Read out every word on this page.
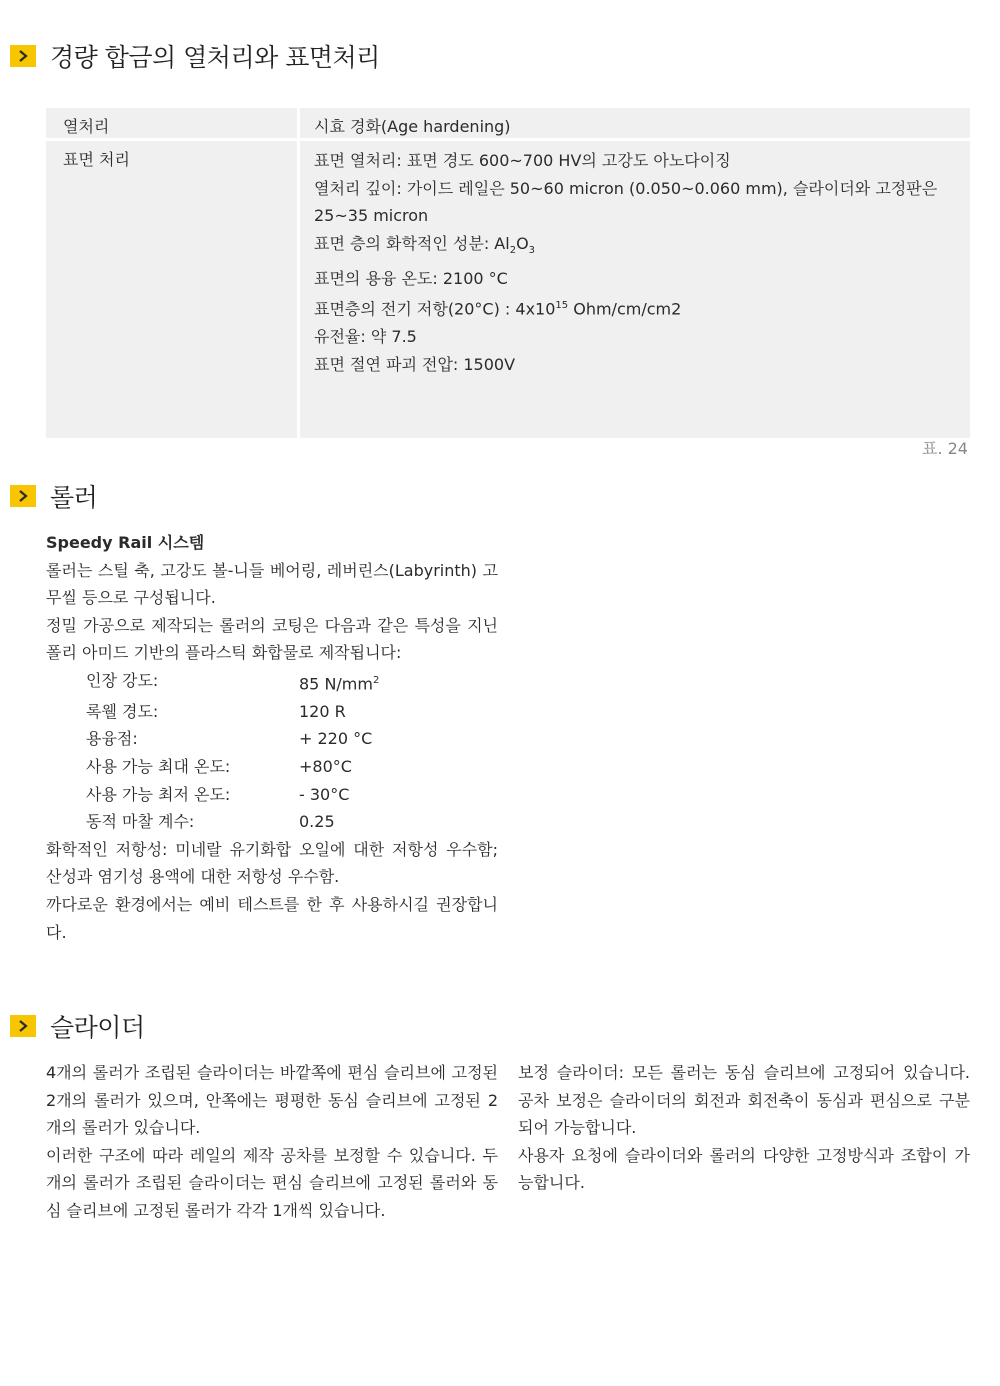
경량 합금의 열처리와 표면처리
열처리	시효 경화(Age hardening)
표면 처리	표면 열처리: 표면 경도 600~700 HV의 고강도 아노다이징
열처리 깊이: 가이드 레일은 50~60 micron (0.050~0.060 mm), 슬라이더와 고정판은 25~35 micron
표면 층의 화학적인 성분: $Al_2O_3$
표면의 용융 온도: 2100 °C
표면층의 전기 저항(20°C) : $4x10^{15}$ Ohm/cm/cm2
유전율: 약 7.5
표면 절연 파괴 전압: 1500V
표. 24
롤러
Speedy Rail 시스템
롤러는 스틸 축, 고강도 볼-니들 베어링, 레버린스(Labyrinth) 고무씰 등으로 구성됩니다.
정밀 가공으로 제작되는 롤러의 코팅은 다음과 같은 특성을 지닌 폴리 아미드 기반의 플라스틱 화합물로 제작됩니다:
인장 강도:	85 $N/mm^2$
록웰 경도:	120 R
용융점:	+ 220 °C
사용 가능 최대 온도:	+80°C
사용 가능 최저 온도:	- 30°C
동적 마찰 계수:	0.25
화학적인 저항성: 미네랄 유기화합 오일에 대한 저항성 우수함; 산성과 염기성 용액에 대한 저항성 우수함.
까다로운 환경에서는 예비 테스트를 한 후 사용하시길 권장합니다.
슬라이더
4개의 롤러가 조립된 슬라이더는 바깥쪽에 편심 슬리브에 고정된 2개의 롤러가 있으며, 안쪽에는 평평한 동심 슬리브에 고정된 2개의 롤러가 있습니다.
이러한 구조에 따라 레일의 제작 공차를 보정할 수 있습니다. 두 개의 롤러가 조립된 슬라이더는 편심 슬리브에 고정된 롤러와 동심 슬리브에 고정된 롤러가 각각 1개씩 있습니다.
보정 슬라이더: 모든 롤러는 동심 슬리브에 고정되어 있습니다. 공차 보정은 슬라이더의 회전과 회전축이 동심과 편심으로 구분되어 가능합니다.
사용자 요청에 슬라이더와 롤러의 다양한 고정방식과 조합이 가능합니다.
